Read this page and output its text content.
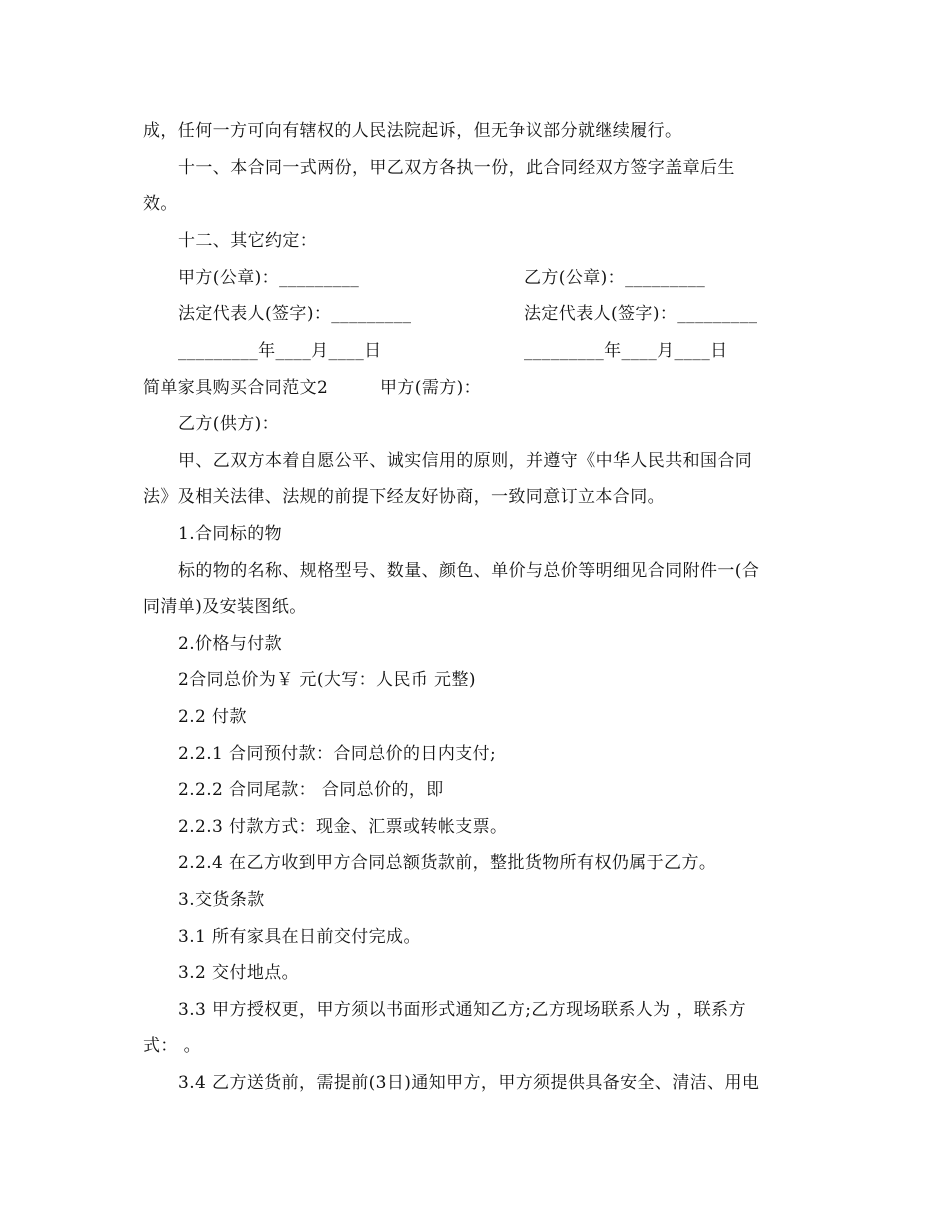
成，任何一方可向有辖权的人民法院起诉，但无争议部分就继续履行。
十一、本合同一式两份，甲乙双方各执一份，此合同经双方签字盖章后生
效。
十二、其它约定：
甲方(公章)：_________	乙方(公章)：_________
法定代表人(签字)：_________	法定代表人(签字)：_________
_________年____月____日	_________年____月____日
简单家具购买合同范文2	甲方(需方)：
乙方(供方)：
甲、乙双方本着自愿公平、诚实信用的原则，并遵守《中华人民共和国合同
法》及相关法律、法规的前提下经友好协商，一致同意订立本合同。
1.合同标的物
标的物的名称、规格型号、数量、颜色、单价与总价等明细见合同附件一(合
同清单)及安装图纸。
2.价格与付款
2合同总价为￥ 元(大写：人民币 元整)
2.2 付款
2.2.1 合同预付款：合同总价的日内支付;
2.2.2 合同尾款： 合同总价的，即
2.2.3 付款方式：现金、汇票或转帐支票。
2.2.4 在乙方收到甲方合同总额货款前，整批货物所有权仍属于乙方。
3.交货条款
3.1 所有家具在日前交付完成。
3.2 交付地点。
3.3 甲方授权更，甲方须以书面形式通知乙方;乙方现场联系人为 ，联系方
式： 。
3.4 乙方送货前，需提前(3日)通知甲方，甲方须提供具备安全、清洁、用电
